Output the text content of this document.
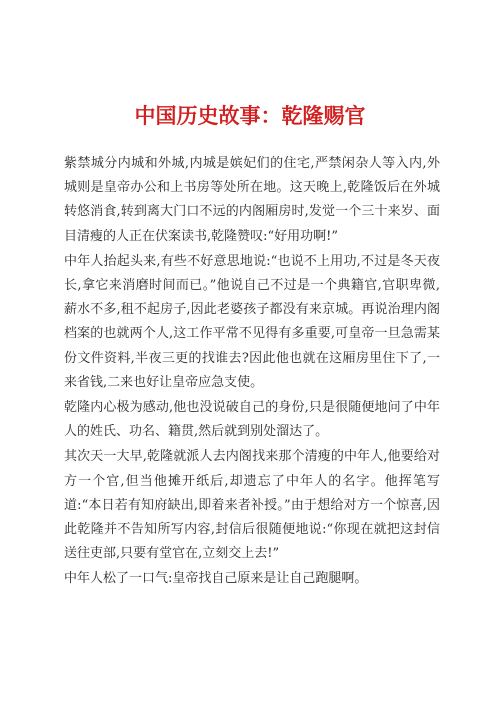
中国历史故事：乾隆赐官

紫禁城分内城和外城,内城是嫔妃们的住宅,严禁闲杂人等入内,外城则是皇帝办公和上书房等处所在地。这天晚上,乾隆饭后在外城转悠消食,转到离大门口不远的内阁厢房时,发觉一个三十来岁、面目清瘦的人正在伏案读书,乾隆赞叹:“好用功啊!”

中年人抬起头来,有些不好意思地说:“也说不上用功,不过是冬天夜长,拿它来消磨时间而已。”他说自己不过是一个典籍官,官职卑微,薪水不多,租不起房子,因此老婆孩子都没有来京城。再说治理内阁档案的也就两个人,这工作平常不见得有多重要,可皇帝一旦急需某份文件资料,半夜三更的找谁去?因此他也就在这厢房里住下了,一来省钱,二来也好让皇帝应急支使。

乾隆内心极为感动,他也没说破自己的身份,只是很随便地问了中年人的姓氏、功名、籍贯,然后就到别处溜达了。

其次天一大早,乾隆就派人去内阁找来那个清瘦的中年人,他要给对方一个官,但当他摊开纸后,却遗忘了中年人的名字。他挥笔写道:“本日若有知府缺出,即着来者补授。”由于想给对方一个惊喜,因此乾隆并不告知所写内容,封信后很随便地说:“你现在就把这封信送往吏部,只要有堂官在,立刻交上去!”

中年人松了一口气:皇帝找自己原来是让自己跑腿啊。
